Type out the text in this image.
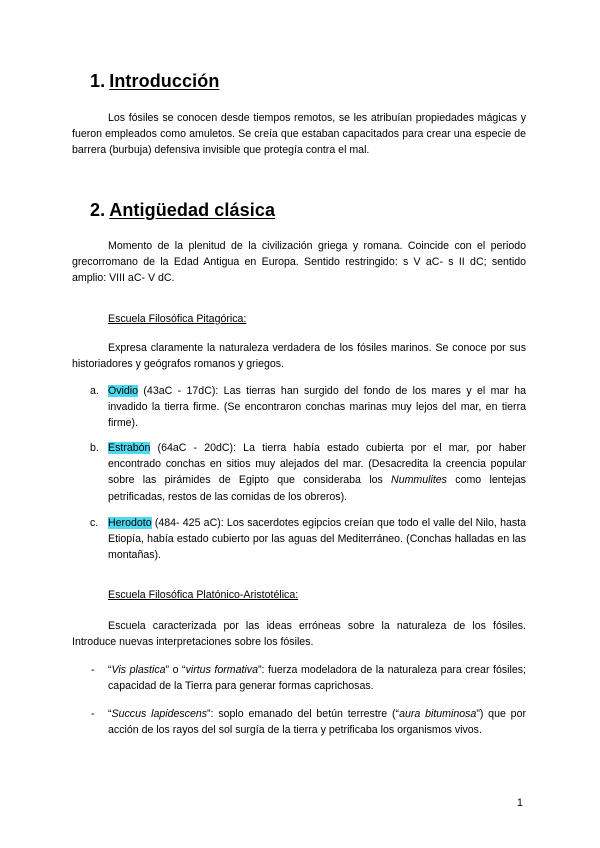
1. Introducción
Los fósiles se conocen desde tiempos remotos, se les atribuían propiedades mágicas y fueron empleados como amuletos. Se creía que estaban capacitados para crear una especie de barrera (burbuja) defensiva invisible que protegía contra el mal.
2. Antigüedad clásica
Momento de la plenitud de la civilización griega y romana. Coincide con el periodo grecorromano de la Edad Antigua en Europa. Sentido restringido: s V aC- s II dC; sentido amplio: VIII aC- V dC.
Escuela Filosófica Pitagórica:
Expresa claramente la naturaleza verdadera de los fósiles marinos. Se conoce por sus historiadores y geógrafos romanos y griegos.
a. Ovidio (43aC - 17dC): Las tierras han surgido del fondo de los mares y el mar ha invadido la tierra firme. (Se encontraron conchas marinas muy lejos del mar, en tierra firme).
b. Estrabón (64aC - 20dC): La tierra había estado cubierta por el mar, por haber encontrado conchas en sitios muy alejados del mar. (Desacredita la creencia popular sobre las pirámides de Egipto que consideraba los Nummulites como lentejas petrificadas, restos de las comidas de los obreros).
c. Herodoto (484- 425 aC): Los sacerdotes egipcios creían que todo el valle del Nilo, hasta Etiopía, había estado cubierto por las aguas del Mediterráneo. (Conchas halladas en las montañas).
Escuela Filosófica Platónico-Aristotélica:
Escuela caracterizada por las ideas erróneas sobre la naturaleza de los fósiles. Introduce nuevas interpretaciones sobre los fósiles.
- “Vis plastica” o “virtus formativa”: fuerza modeladora de la naturaleza para crear fósiles; capacidad de la Tierra para generar formas caprichosas.
- “Succus lapidescens”: soplo emanado del betún terrestre (“aura bituminosa”) que por acción de los rayos del sol surgía de la tierra y petrificaba los organismos vivos.
1
